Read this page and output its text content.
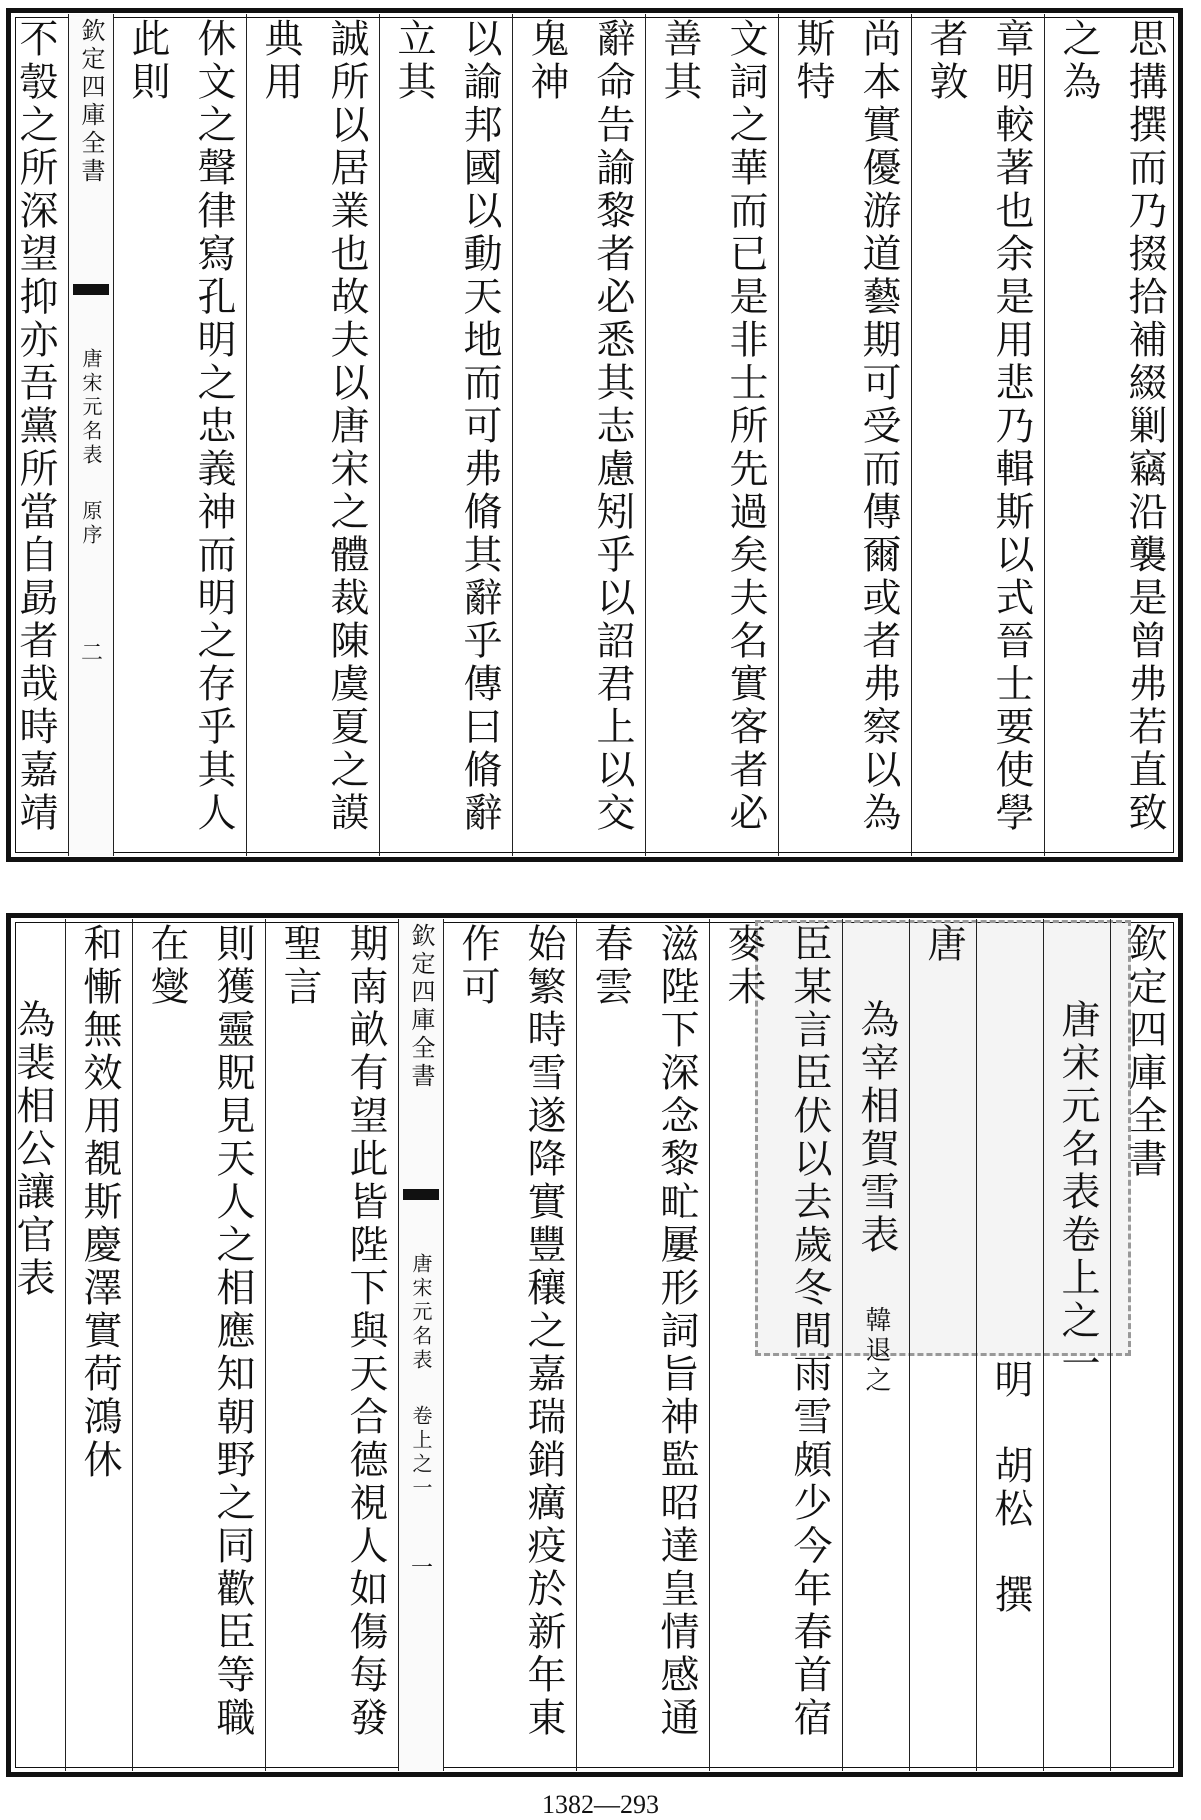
思搆撰而乃掇拾補綴剿竊沿襲是曾弗若直致之為
章明較著也余是用悲乃輯斯以式晉士要使學者敦
尚本實優游道藝期可受而傳爾或者弗察以為斯特
文詞之華而已是非士所先過矣夫名實客者必善其
辭命告諭黎者必悉其志慮矧乎以詔君上以交鬼神
以諭邦國以動天地而可弗脩其辭乎傳曰脩辭立其
誠所以居業也故夫以唐宋之體裁陳虞夏之謨典用
休文之聲律寫孔明之忠義神而明之存乎其人此則
欽定四庫全書
唐宋元名表 原序
二
不彀之所深望抑亦吾黨所當自勗者哉時嘉靖
欽定四庫全書
唐宋元名表卷上之一
明　胡松　撰
唐
為宰相賀雪表 韓退之
臣某言臣伏以去歲冬間雨雪頗少今年春首宿麥未
滋陛下深念黎甿屢形詞旨神監昭達皇情感通春雲
始繁時雪遂降實豐穰之嘉瑞銷癘疫於新年東作可
欽定四庫全書
唐宋元名表 卷上之一
一
期南畝有望此皆陛下與天合德視人如傷每發聖言
則獲靈貺見天人之相應知朝野之同歡臣等職在燮
和慚無效用覩斯慶澤實荷鴻休
為裴相公讓官表
1382—293
